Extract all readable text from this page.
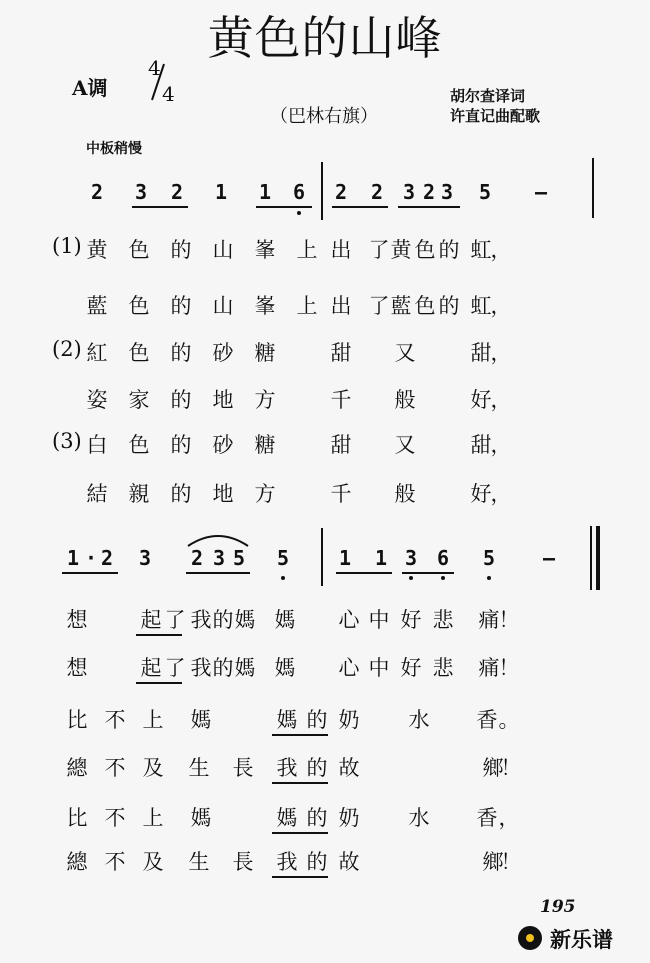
黄色的山峰
A调
4
4
（巴林右旗）
胡尔查译词
许直记曲配歌
中板稍慢
2 3 2 1 1 6 2 2 3 2 3 5 —
(1) 黄 色 的 山 峯 上 出 了 黄 色 的 虹 ，
藍 色 的 山 峯 上 出 了 藍 色 的 虹 ，
(2) 紅 色 的 砂 糖	甜 又	甜 ，
姿 家 的 地 方	千 般	好 ，
(3) 白 色 的 砂 糖	甜 又	甜 ，
結 親 的 地 方	千 般	好 ，
1 · 2 3 2 3 5 5 1 1 3 6 5 —
想	起 了 我 的 媽 媽 心 中 好 悲 痛 ！
想	起 了 我 的 媽 媽 心 中 好 悲 痛 ！
比 不 上 媽	媽 的 奶 水 香 。
總 不 及 生 長 我 的 故	鄉
！
比 不 上 媽	媽 的 奶 水 香 ，
總 不 及 生 長 我 的 故	鄉
！
195
新乐谱
